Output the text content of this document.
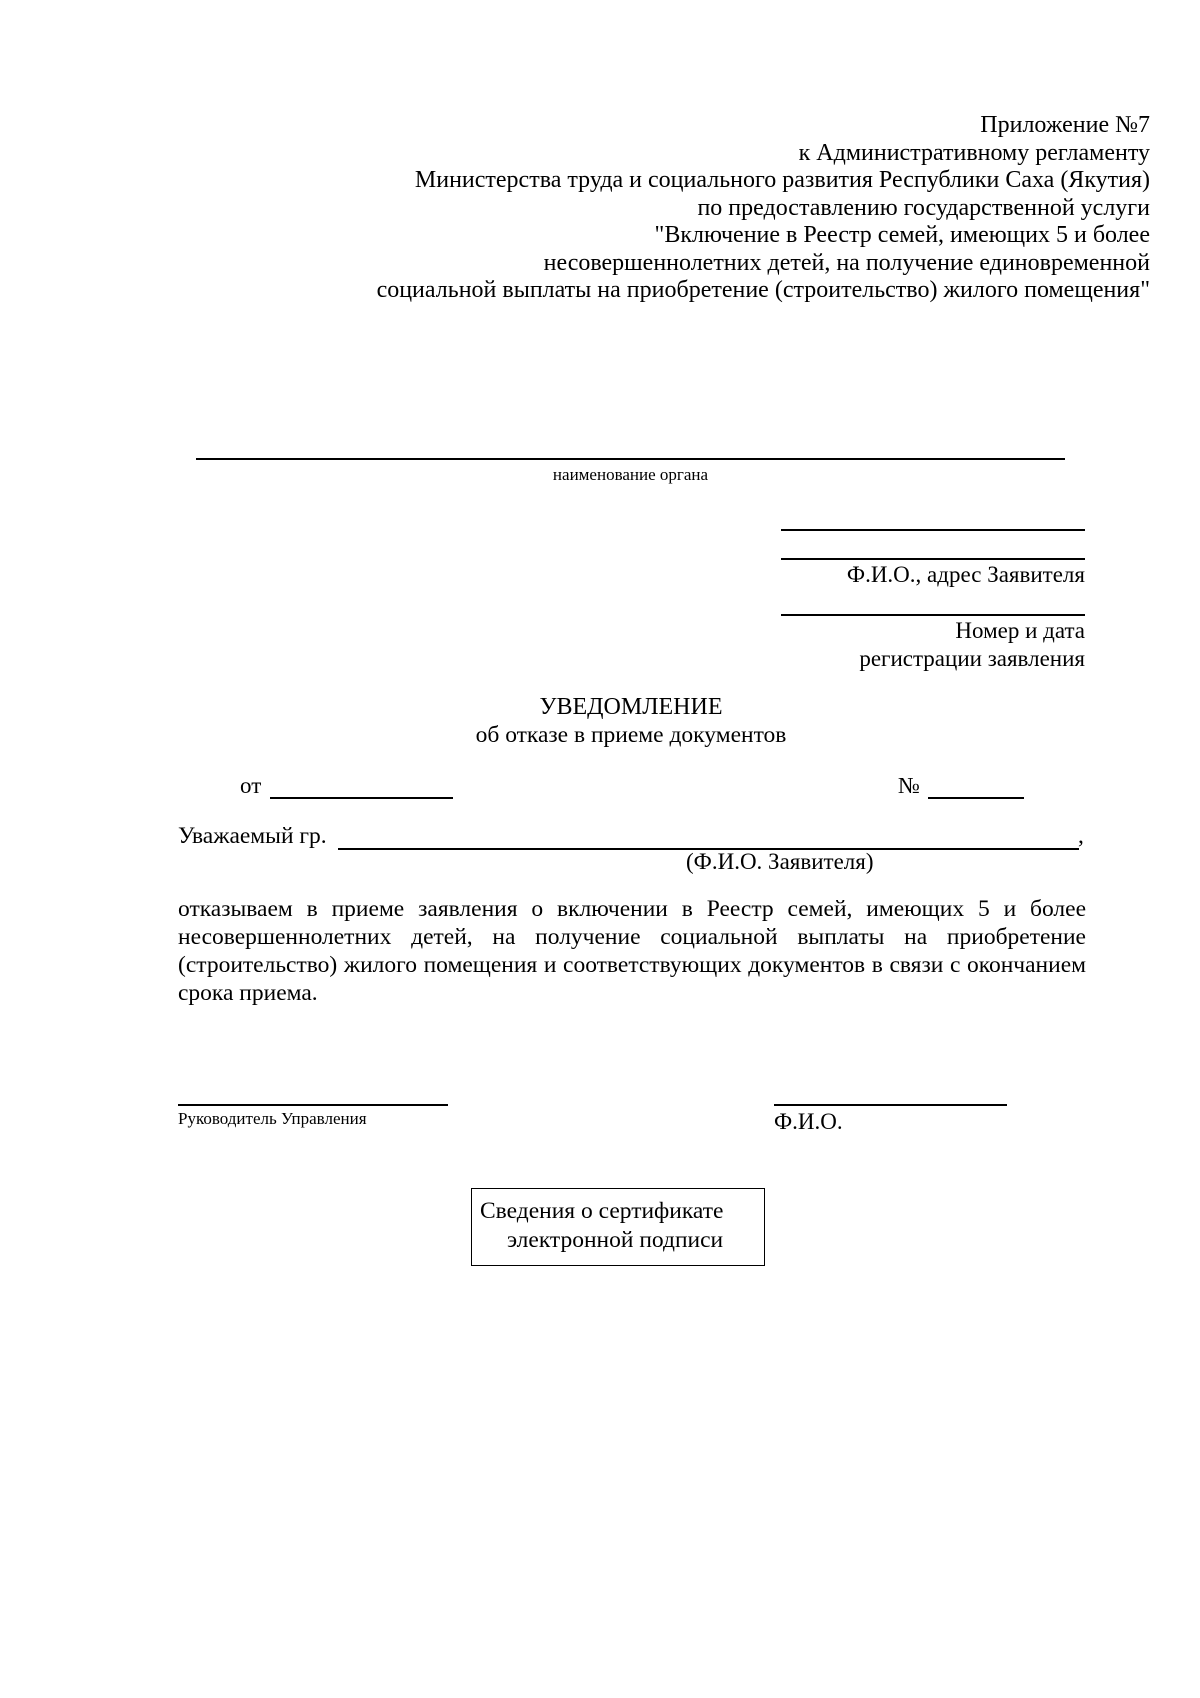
Приложение №7
к Административному регламенту
Министерства труда и социального развития Республики Саха (Якутия)
по предоставлению государственной услуги
"Включение в Реестр семей, имеющих 5 и более
несовершеннолетних детей, на получение единовременной
социальной выплаты на приобретение (строительство) жилого помещения"
наименование органа
Ф.И.О., адрес Заявителя
Номер и дата
регистрации заявления
УВЕДОМЛЕНИЕ
об отказе в приеме документов
от	№
Уважаемый гр.	,
(Ф.И.О. Заявителя)
отказываем в приеме заявления о включении в Реестр семей, имеющих 5 и более несовершеннолетних детей, на получение социальной выплаты на приобретение (строительство) жилого помещения и соответствующих документов в связи с окончанием срока приема.
Руководитель Управления	Ф.И.О.
Сведения о сертификате
электронной подписи
